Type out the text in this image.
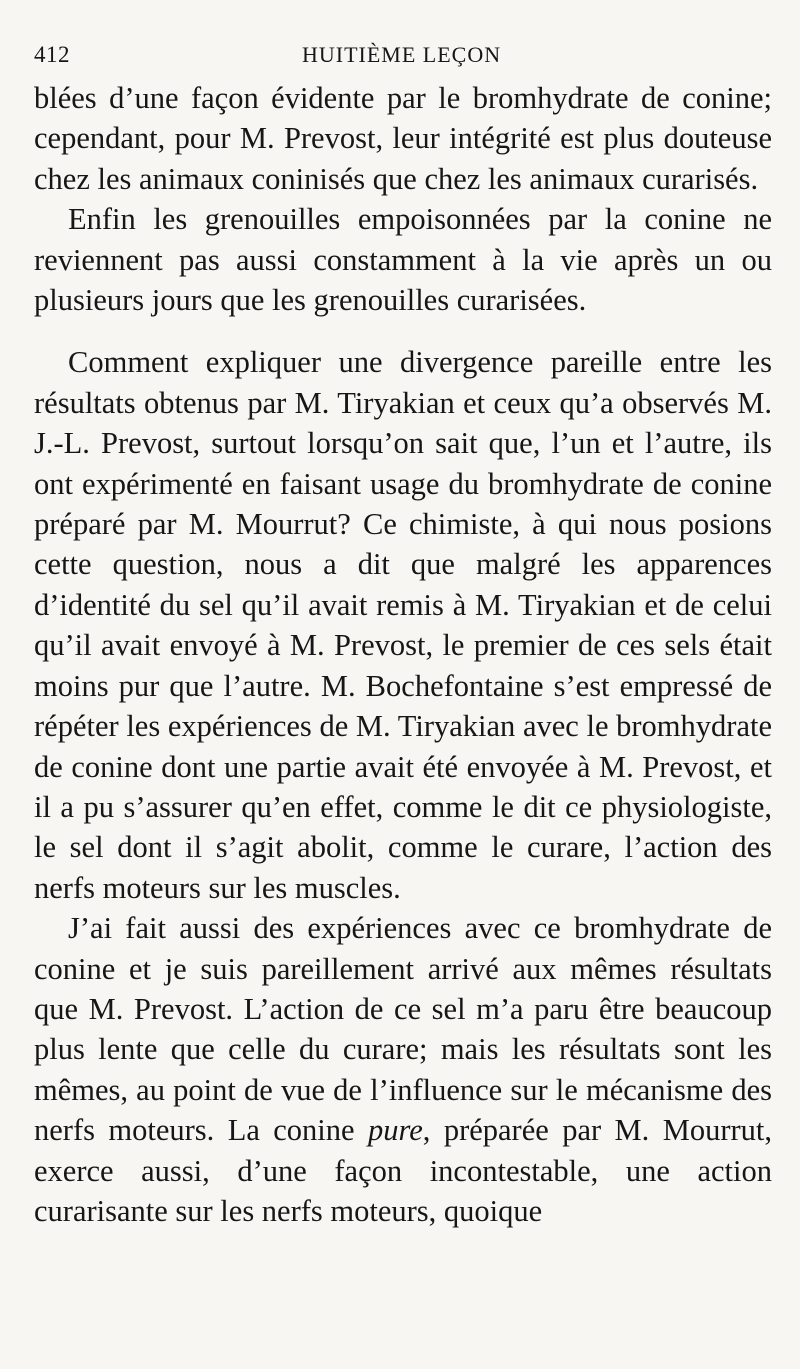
412	HUITIÈME LEÇON

blées d’une façon évidente par le bromhydrate de conine; cependant, pour M. Prevost, leur intégrité est plus douteuse chez les animaux coninisés que chez les animaux curarisés.

Enfin les grenouilles empoisonnées par la conine ne reviennent pas aussi constamment à la vie après un ou plusieurs jours que les grenouilles curarisées.

Comment expliquer une divergence pareille entre les résultats obtenus par M. Tiryakian et ceux qu’a observés M. J.-L. Prevost, surtout lorsqu’on sait que, l’un et l’autre, ils ont expérimenté en faisant usage du bromhydrate de conine préparé par M. Mourrut? Ce chimiste, à qui nous posions cette question, nous a dit que malgré les apparences d’identité du sel qu’il avait remis à M. Tiryakian et de celui qu’il avait envoyé à M. Prevost, le premier de ces sels était moins pur que l’autre. M. Bochefontaine s’est empressé de répéter les expériences de M. Tiryakian avec le bromhydrate de conine dont une partie avait été envoyée à M. Prevost, et il a pu s’assurer qu’en effet, comme le dit ce physiologiste, le sel dont il s’agit abolit, comme le curare, l’action des nerfs moteurs sur les muscles.

J’ai fait aussi des expériences avec ce bromhydrate de conine et je suis pareillement arrivé aux mêmes résultats que M. Prevost. L’action de ce sel m’a paru être beaucoup plus lente que celle du curare; mais les résultats sont les mêmes, au point de vue de l’influence sur le mécanisme des nerfs moteurs. La conine pure, préparée par M. Mourrut, exerce aussi, d’une façon incontestable, une action curarisante sur les nerfs moteurs, quoique
